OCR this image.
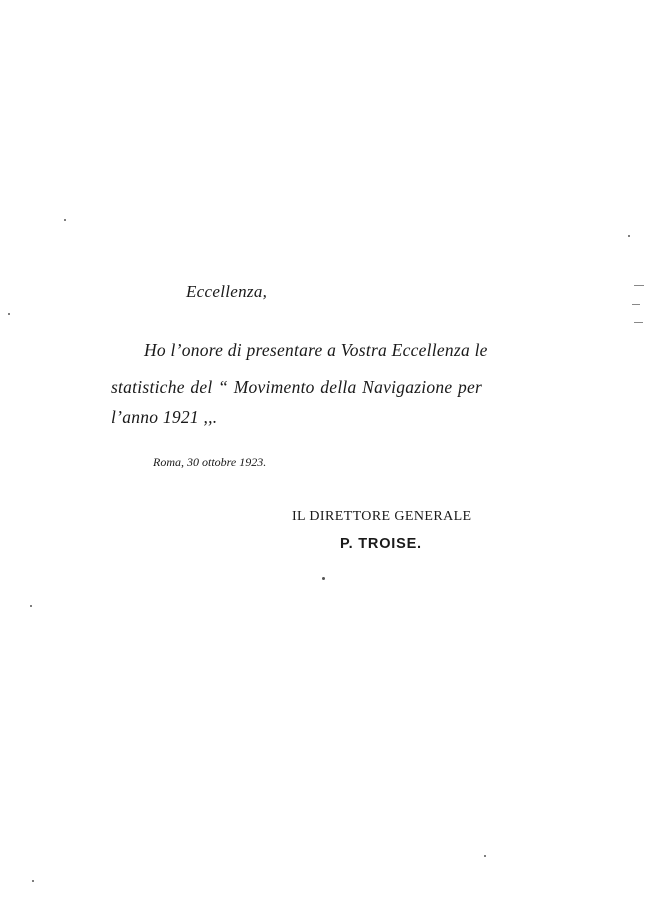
Eccellenza,
Ho l’onore di presentare a Vostra Eccellenza le
statistiche del “ Movimento della Navigazione per
l’anno 1921 ,,.
Roma, 30 ottobre 1923.
IL DIRETTORE GENERALE
P. TROISE.
